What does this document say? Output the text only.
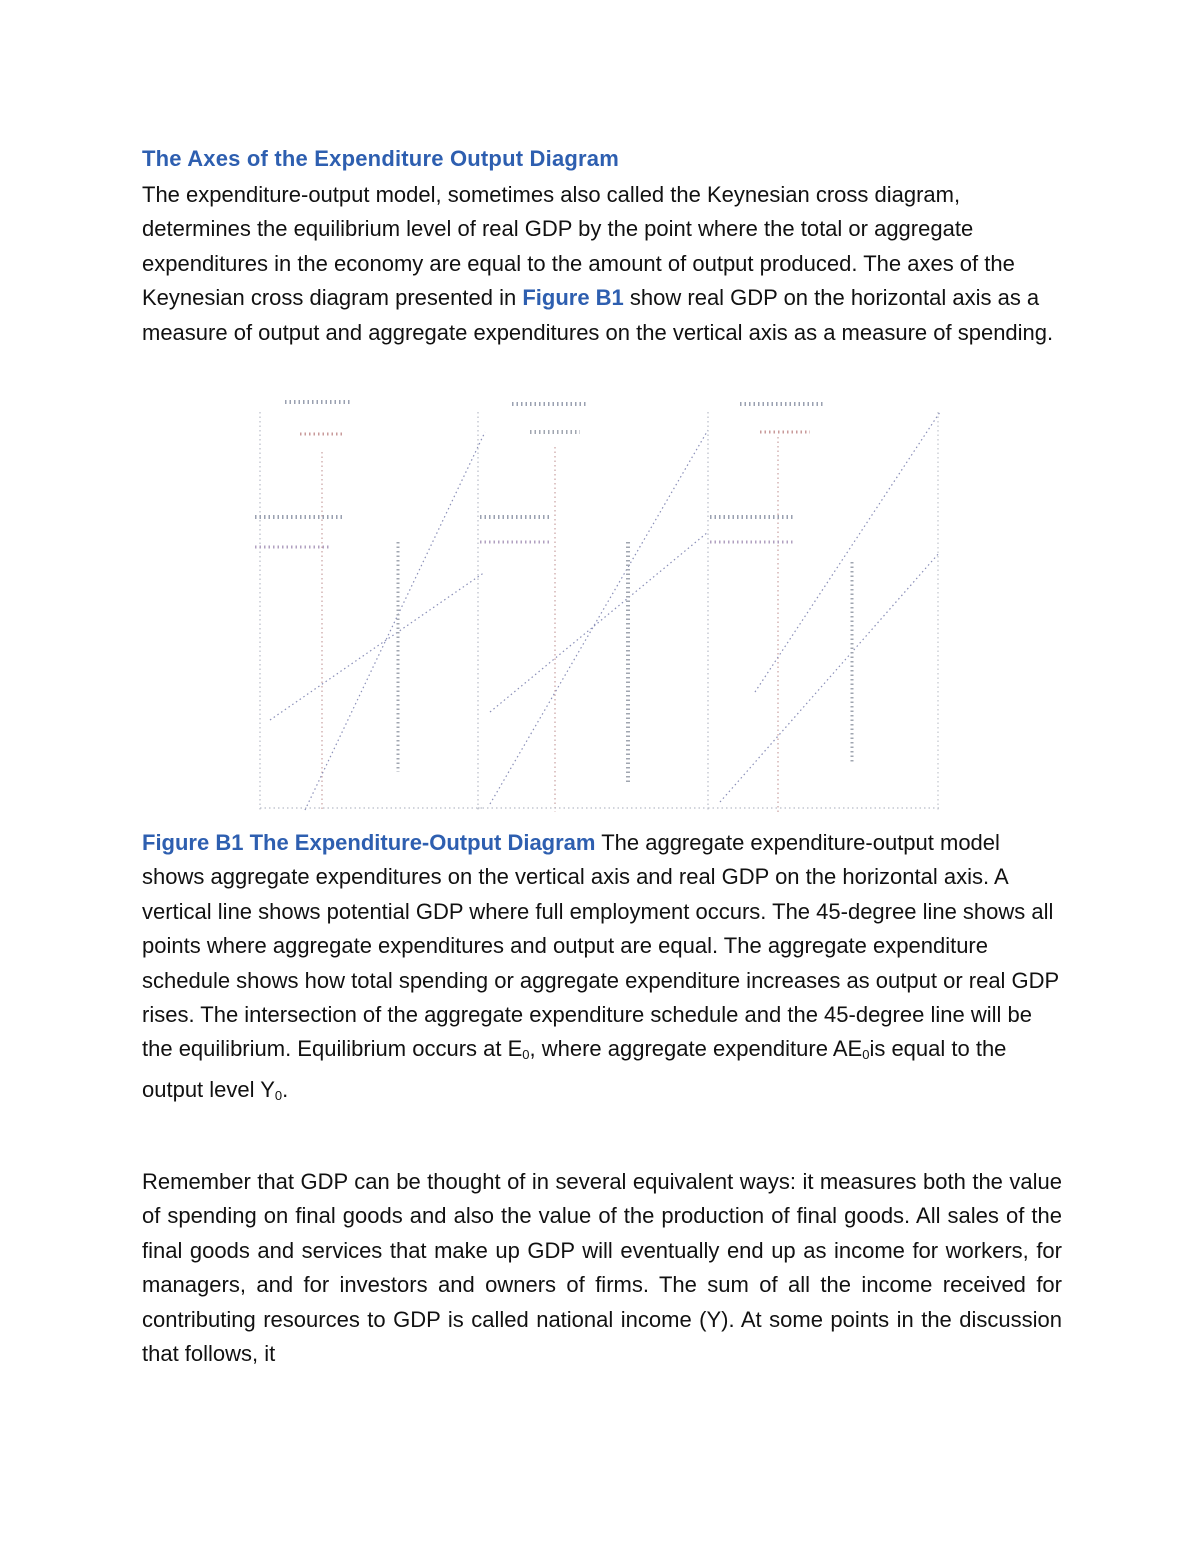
The Axes of the Expenditure Output Diagram
The expenditure-output model, sometimes also called the Keynesian cross diagram, determines the equilibrium level of real GDP by the point where the total or aggregate expenditures in the economy are equal to the amount of output produced. The axes of the Keynesian cross diagram presented in Figure B1 show real GDP on the horizontal axis as a measure of output and aggregate expenditures on the vertical axis as a measure of spending.
Figure B1 The Expenditure-Output Diagram The aggregate expenditure-output model shows aggregate expenditures on the vertical axis and real GDP on the horizontal axis. A vertical line shows potential GDP where full employment occurs. The 45-degree line shows all points where aggregate expenditures and output are equal. The aggregate expenditure schedule shows how total spending or aggregate expenditure increases as output or real GDP rises. The intersection of the aggregate expenditure schedule and the 45-degree line will be the equilibrium. Equilibrium occurs at $E_0$, where aggregate expenditure $AE_0is$ equal to the output level $Y_0$.
Remember that GDP can be thought of in several equivalent ways: it measures both the value of spending on final goods and also the value of the production of final goods. All sales of the final goods and services that make up GDP will eventually end up as income for workers, for managers, and for investors and owners of firms. The sum of all the income received for contributing resources to GDP is called national income (Y). At some points in the discussion that follows, it
